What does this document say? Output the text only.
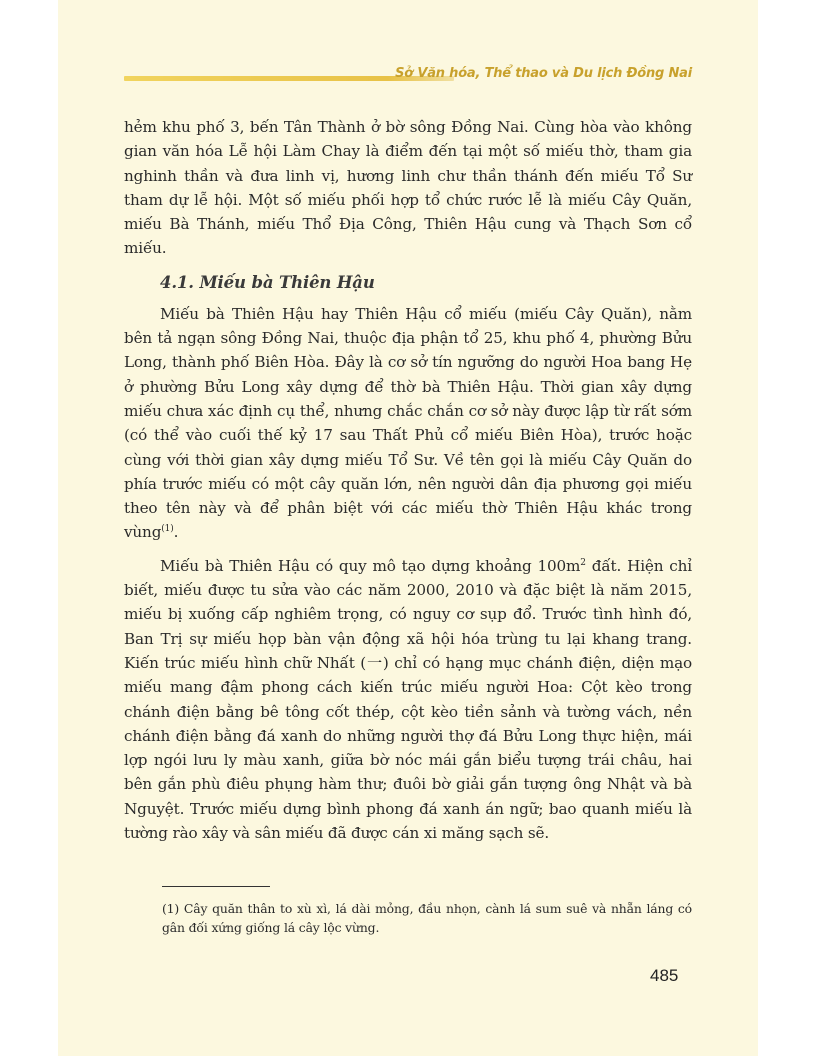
Sở Văn hóa, Thể thao và Du lịch Đồng Nai

hẻm khu phố 3, bến Tân Thành ở bờ sông Đồng Nai. Cùng hòa vào không gian văn hóa Lễ hội Làm Chay là điểm đến tại một số miếu thờ, tham gia nghinh thần và đưa linh vị, hương linh chư thần thánh đến miếu Tổ Sư tham dự lễ hội. Một số miếu phối hợp tổ chức rước lễ là miếu Cây Quăn, miếu Bà Thánh, miếu Thổ Địa Công, Thiên Hậu cung và Thạch Sơn cổ miếu.

4.1. Miếu bà Thiên Hậu

Miếu bà Thiên Hậu hay Thiên Hậu cổ miếu (miếu Cây Quăn), nằm bên tả ngạn sông Đồng Nai, thuộc địa phận tổ 25, khu phố 4, phường Bửu Long, thành phố Biên Hòa. Đây là cơ sở tín ngưỡng do người Hoa bang Hẹ ở phường Bửu Long xây dựng để thờ bà Thiên Hậu. Thời gian xây dựng miếu chưa xác định cụ thể, nhưng chắc chắn cơ sở này được lập từ rất sớm (có thể vào cuối thế kỷ 17 sau Thất Phủ cổ miếu Biên Hòa), trước hoặc cùng với thời gian xây dựng miếu Tổ Sư. Về tên gọi là miếu Cây Quăn do phía trước miếu có một cây quăn lớn, nên người dân địa phương gọi miếu theo tên này và để phân biệt với các miếu thờ Thiên Hậu khác trong vùng$^{(1)}$.

Miếu bà Thiên Hậu có quy mô tạo dựng khoảng $100m^2$ đất. Hiện chỉ biết, miếu được tu sửa vào các năm 2000, 2010 và đặc biệt là năm 2015, miếu bị xuống cấp nghiêm trọng, có nguy cơ sụp đổ. Trước tình hình đó, Ban Trị sự miếu họp bàn vận động xã hội hóa trùng tu lại khang trang. Kiến trúc miếu hình chữ Nhất (一) chỉ có hạng mục chánh điện, diện mạo miếu mang đậm phong cách kiến trúc miếu người Hoa: Cột kèo trong chánh điện bằng bê tông cốt thép, cột kèo tiền sảnh và tường vách, nền chánh điện bằng đá xanh do những người thợ đá Bửu Long thực hiện, mái lợp ngói lưu ly màu xanh, giữa bờ nóc mái gắn biểu tượng trái châu, hai bên gắn phù điêu phụng hàm thư; đuôi bờ giải gắn tượng ông Nhật và bà Nguyệt. Trước miếu dựng bình phong đá xanh án ngữ; bao quanh miếu là tường rào xây và sân miếu đã được cán xi măng sạch sẽ.

(1) Cây quăn thân to xù xì, lá dài mỏng, đầu nhọn, cành lá sum suê và nhẵn láng có gân đối xứng giống lá cây lộc vừng.
485
